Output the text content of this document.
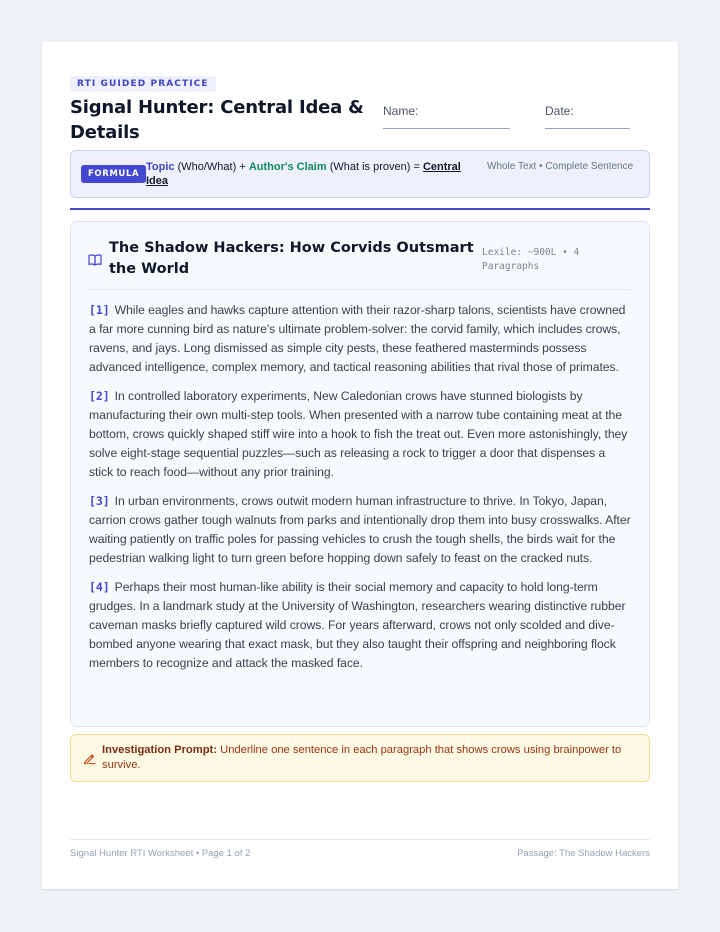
RTI GUIDED PRACTICE
Signal Hunter: Central Idea & Details
Name:	Date:
FORMULA
Topic (Who/What) + Author's Claim (What is proven) = Central Idea
Whole Text • Complete Sentence
The Shadow Hackers: How Corvids Outsmart the World
Lexile: ~900L • 4 Paragraphs

[1] While eagles and hawks capture attention with their razor-sharp talons, scientists have crowned a far more cunning bird as nature's ultimate problem-solver: the corvid family, which includes crows, ravens, and jays. Long dismissed as simple city pests, these feathered masterminds possess advanced intelligence, complex memory, and tactical reasoning abilities that rival those of primates.

[2] In controlled laboratory experiments, New Caledonian crows have stunned biologists by manufacturing their own multi-step tools. When presented with a narrow tube containing meat at the bottom, crows quickly shaped stiff wire into a hook to fish the treat out. Even more astonishingly, they solve eight-stage sequential puzzles—such as releasing a rock to trigger a door that dispenses a stick to reach food—without any prior training.

[3] In urban environments, crows outwit modern human infrastructure to thrive. In Tokyo, Japan, carrion crows gather tough walnuts from parks and intentionally drop them into busy crosswalks. After waiting patiently on traffic poles for passing vehicles to crush the tough shells, the birds wait for the pedestrian walking light to turn green before hopping down safely to feast on the cracked nuts.

[4] Perhaps their most human-like ability is their social memory and capacity to hold long-term grudges. In a landmark study at the University of Washington, researchers wearing distinctive rubber caveman masks briefly captured wild crows. For years afterward, crows not only scolded and dive-bombed anyone wearing that exact mask, but they also taught their offspring and neighboring flock members to recognize and attack the masked face.

Investigation Prompt: Underline one sentence in each paragraph that shows crows using brainpower to survive.
Signal Hunter RTI Worksheet • Page 1 of 2	Passage: The Shadow Hackers
